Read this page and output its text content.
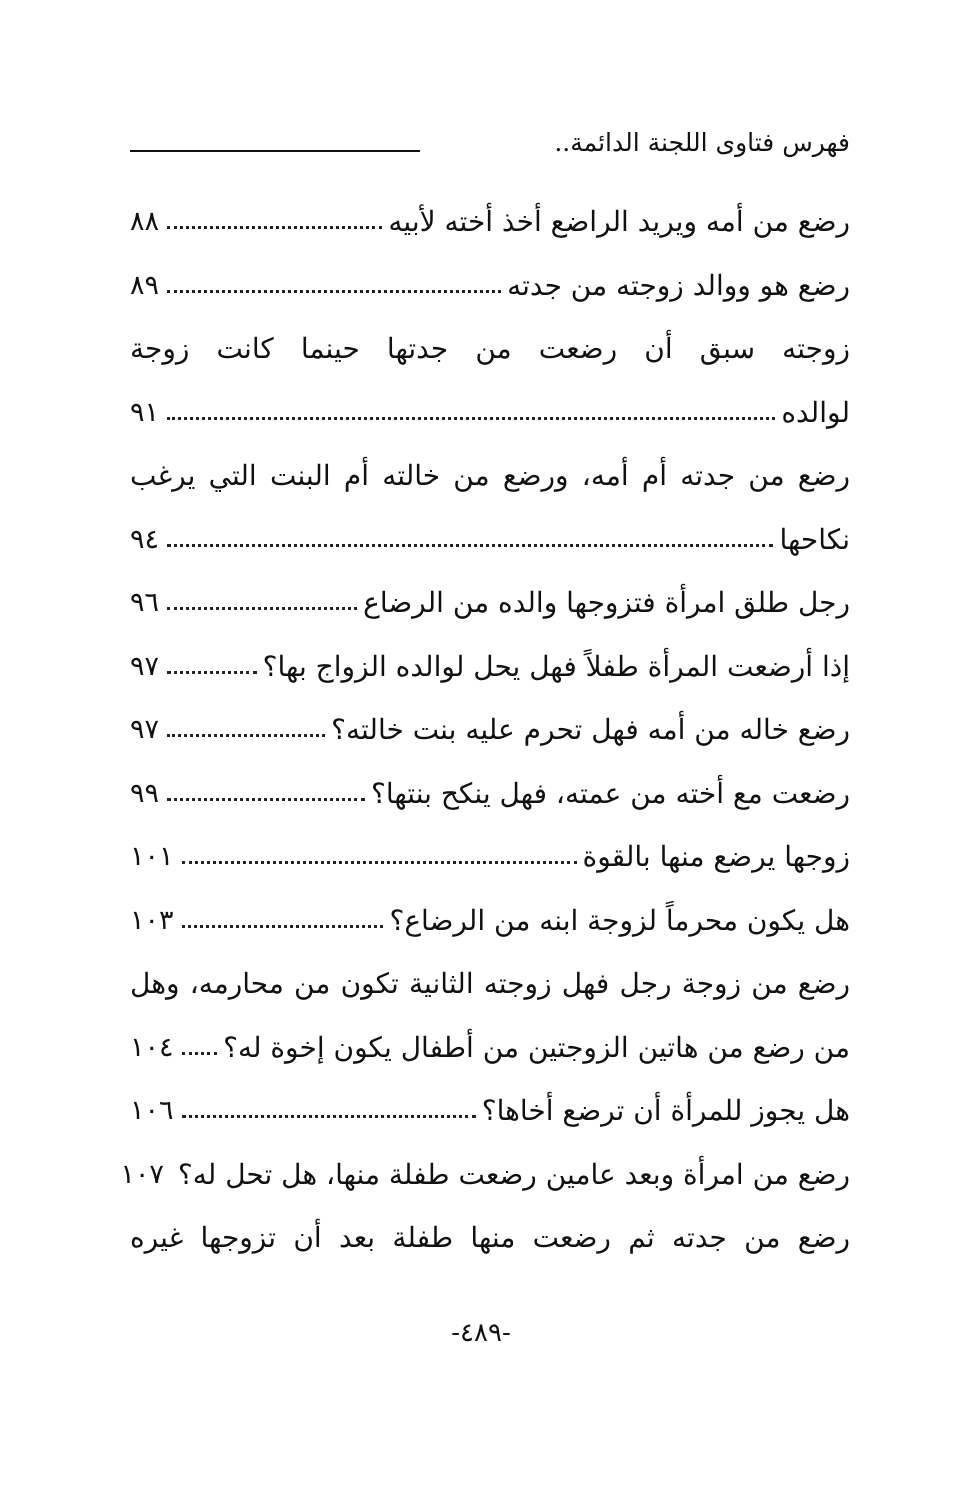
فهرس فتاوى اللجنة الدائمة..
رضع من أمه ويريد الراضع أخذ أخته لأبيه
٨٨
رضع هو ووالد زوجته من جدته
٨٩
زوجته سبق أن رضعت من جدتها حينما كانت زوجة
لوالده
٩١
رضع من جدته أم أمه، ورضع من خالته أم البنت التي يرغب
نكاحها
٩٤
رجل طلق امرأة فتزوجها والده من الرضاع
٩٦
إذا أرضعت المرأة طفلاً فهل يحل لوالده الزواج بها؟
٩٧
رضع خاله من أمه فهل تحرم عليه بنت خالته؟
٩٧
رضعت مع أخته من عمته، فهل ينكح بنتها؟
٩٩
زوجها يرضع منها بالقوة
١٠١
هل يكون محرماً لزوجة ابنه من الرضاع؟
١٠٣
رضع من زوجة رجل فهل زوجته الثانية تكون من محارمه، وهل
من رضع من هاتين الزوجتين من أطفال يكون إخوة له؟
١٠٤
هل يجوز للمرأة أن ترضع أخاها؟
١٠٦
رضع من امرأة وبعد عامين رضعت طفلة منها، هل تحل له؟
١٠٧
رضع من جدته ثم رضعت منها طفلة بعد أن تزوجها غيره
-٤٨٩-
